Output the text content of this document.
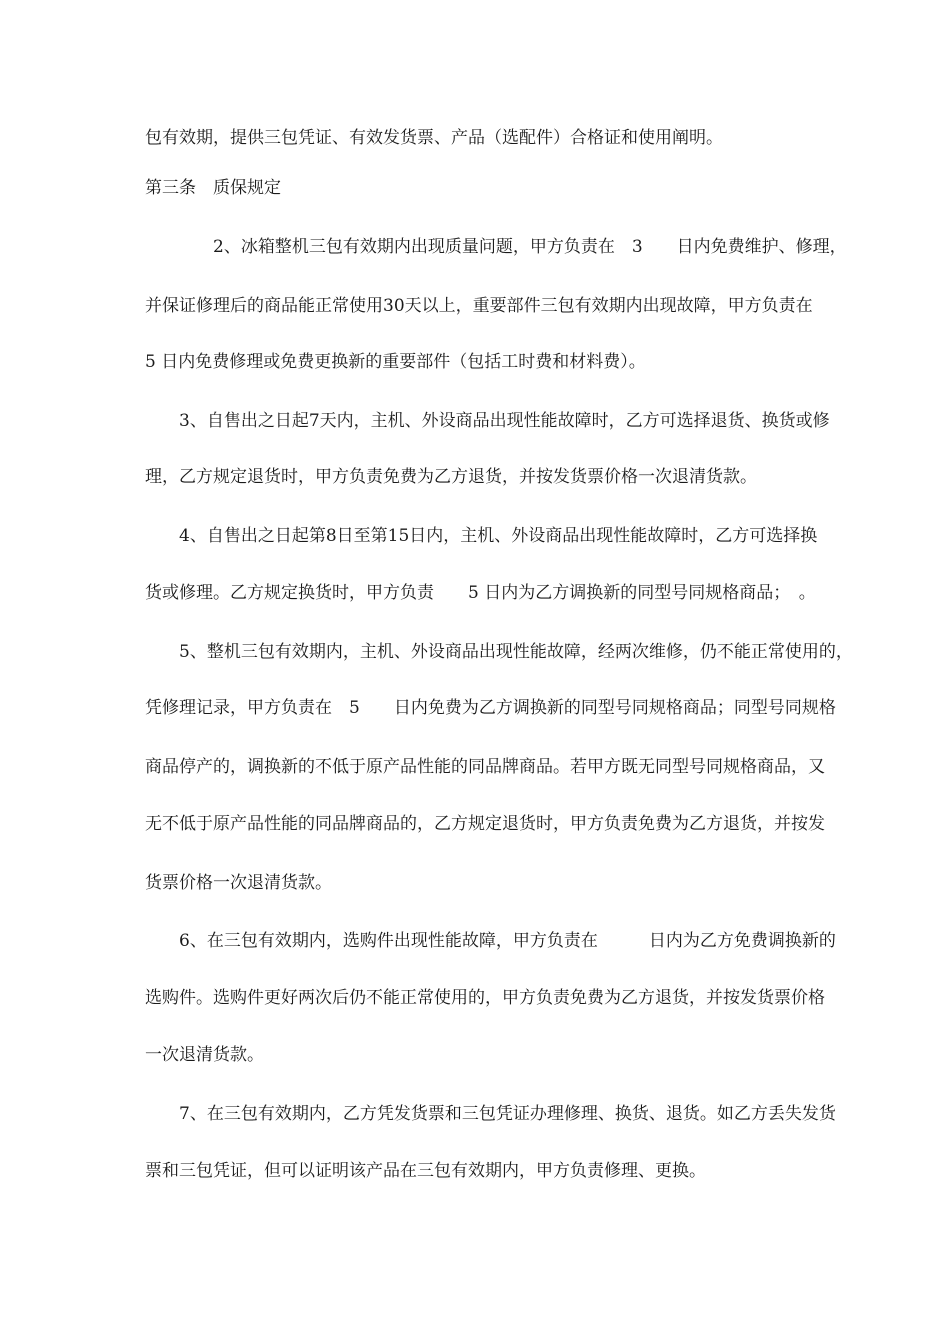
包有效期，提供三包凭证、有效发货票、产品（选配件）合格证和使用阐明。
第三条　质保规定
　　　　2、冰箱整机三包有效期内出现质量问题，甲方负责在　3　　日内免费维护、修理，
并保证修理后的商品能正常使用30天以上，重要部件三包有效期内出现故障，甲方负责在
5 日内免费修理或免费更换新的重要部件（包括工时费和材料费）。
　　3、自售出之日起7天内，主机、外设商品出现性能故障时，乙方可选择退货、换货或修
理，乙方规定退货时，甲方负责免费为乙方退货，并按发货票价格一次退清货款。
　　4、自售出之日起第8日至第15日内，主机、外设商品出现性能故障时，乙方可选择换
货或修理。乙方规定换货时，甲方负责　　5 日内为乙方调换新的同型号同规格商品；　。
　　5、整机三包有效期内，主机、外设商品出现性能故障，经两次维修，仍不能正常使用的，
凭修理记录，甲方负责在　5　　日内免费为乙方调换新的同型号同规格商品；同型号同规格
商品停产的，调换新的不低于原产品性能的同品牌商品。若甲方既无同型号同规格商品，又
无不低于原产品性能的同品牌商品的，乙方规定退货时，甲方负责免费为乙方退货，并按发
货票价格一次退清货款。
　　6、在三包有效期内，选购件出现性能故障，甲方负责在　　　日内为乙方免费调换新的
选购件。选购件更好两次后仍不能正常使用的，甲方负责免费为乙方退货，并按发货票价格
一次退清货款。
　　7、在三包有效期内，乙方凭发货票和三包凭证办理修理、换货、退货。如乙方丢失发货
票和三包凭证，但可以证明该产品在三包有效期内，甲方负责修理、更换。
